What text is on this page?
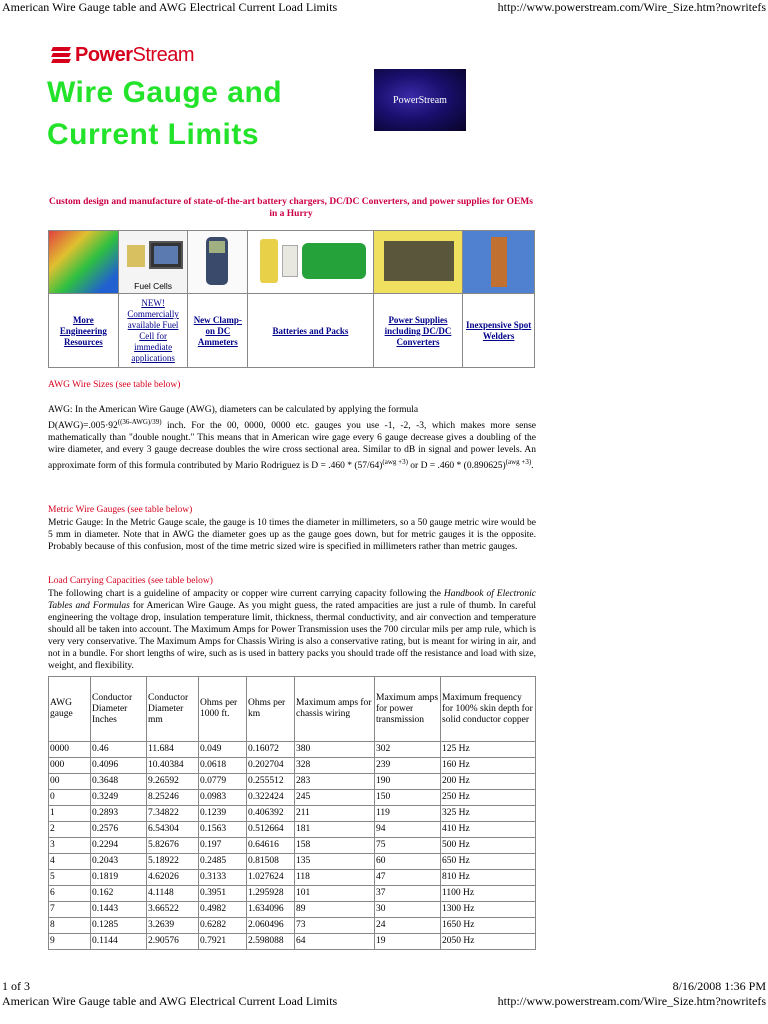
American Wire Gauge table and AWG Electrical Current Load Limits	http://www.powerstream.com/Wire_Size.htm?nowritefs
PowerStream
Wire Gauge and
Current Limits
PowerStream
Custom design and manufacture of state-of-the-art battery chargers, DC/DC Converters, and power supplies for OEMs in a Hurry
Fuel Cells
More Engineering Resources
NEW! Commercially available Fuel Cell for immediate applications
New Clamp-on DC Ammeters
Batteries and Packs
Power Supplies including DC/DC Converters
Inexpensive Spot Welders
AWG Wire Sizes (see table below)
AWG: In the American Wire Gauge (AWG), diameters can be calculated by applying the formula
$D(AWG)=.005\cdot 92^{((36-AWG)/39)}$ inch. For the 00, 0000, 0000 etc. gauges you use -1, -2, -3, which makes more sense mathematically than "double nought." This means that in American wire gage every 6 gauge decrease gives a doubling of the wire diameter, and every 3 gauge decrease doubles the wire cross sectional area. Similar to dB in signal and power levels. An approximate form of this formula contributed by Mario Rodriguez is $D = .460 * (57/64)^{(awg +3)}$ or $D = .460 * (0.890625)^{(awg +3)}$.
Metric Wire Gauges (see table below)
Metric Gauge: In the Metric Gauge scale, the gauge is 10 times the diameter in millimeters, so a 50 gauge metric wire would be 5 mm in diameter. Note that in AWG the diameter goes up as the gauge goes down, but for metric gauges it is the opposite. Probably because of this confusion, most of the time metric sized wire is specified in millimeters rather than metric gauges.
Load Carrying Capacities (see table below)
The following chart is a guideline of ampacity or copper wire current carrying capacity following the Handbook of Electronic Tables and Formulas for American Wire Gauge. As you might guess, the rated ampacities are just a rule of thumb. In careful engineering the voltage drop, insulation temperature limit, thickness, thermal conductivity, and air convection and temperature should all be taken into account. The Maximum Amps for Power Transmission uses the 700 circular mils per amp rule, which is very very conservative. The Maximum Amps for Chassis Wiring is also a conservative rating, but is meant for wiring in air, and not in a bundle. For short lengths of wire, such as is used in battery packs you should trade off the resistance and load with size, weight, and flexibility.
AWG gauge	Conductor Diameter Inches	Conductor Diameter mm	Ohms per 1000 ft.	Ohms per km	Maximum amps for chassis wiring	Maximum amps for power transmission	Maximum frequency for 100% skin depth for solid conductor copper
0000	0.46	11.684	0.049	0.16072	380	302	125 Hz
000	0.4096	10.40384	0.0618	0.202704	328	239	160 Hz
00	0.3648	9.26592	0.0779	0.255512	283	190	200 Hz
0	0.3249	8.25246	0.0983	0.322424	245	150	250 Hz
1	0.2893	7.34822	0.1239	0.406392	211	119	325 Hz
2	0.2576	6.54304	0.1563	0.512664	181	94	410 Hz
3	0.2294	5.82676	0.197	0.64616	158	75	500 Hz
4	0.2043	5.18922	0.2485	0.81508	135	60	650 Hz
5	0.1819	4.62026	0.3133	1.027624	118	47	810 Hz
6	0.162	4.1148	0.3951	1.295928	101	37	1100 Hz
7	0.1443	3.66522	0.4982	1.634096	89	30	1300 Hz
8	0.1285	3.2639	0.6282	2.060496	73	24	1650 Hz
9	0.1144	2.90576	0.7921	2.598088	64	19	2050 Hz
1 of 3	8/16/2008 1:36 PM
American Wire Gauge table and AWG Electrical Current Load Limits	http://www.powerstream.com/Wire_Size.htm?nowritefs
